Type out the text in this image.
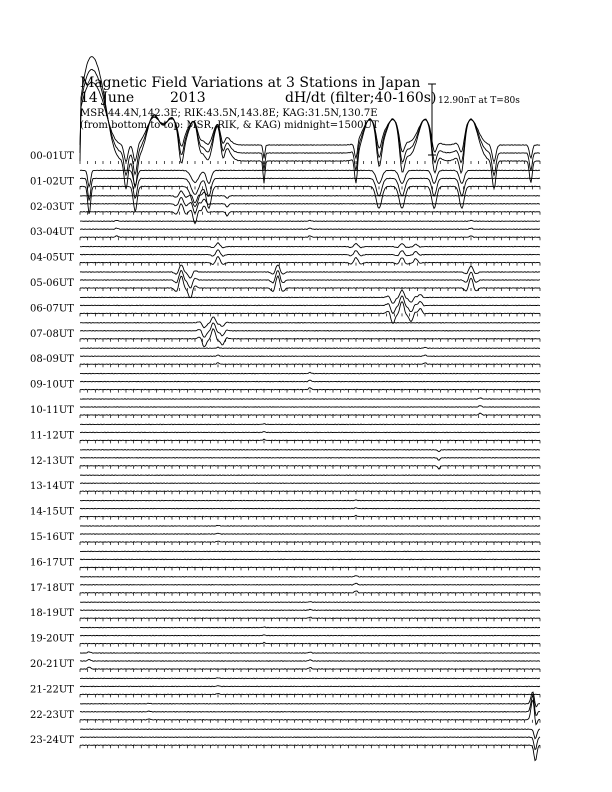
Magnetic Field Variations at 3 Stations in Japan
14 June	2013	dH/dt (filter;40-160s)
MSR:44.4N,142.3E; RIK:43.5N,143.8E; KAG:31.5N,130.7E
(from bottom to top: MSR, RIK, & KAG) midnight=1500UT
12.90nT at T=80s
00-01UT
01-02UT
02-03UT
03-04UT
04-05UT
05-06UT
06-07UT
07-08UT
08-09UT
09-10UT
10-11UT
11-12UT
12-13UT
13-14UT
14-15UT
15-16UT
16-17UT
17-18UT
18-19UT
19-20UT
20-21UT
21-22UT
22-23UT
23-24UT
